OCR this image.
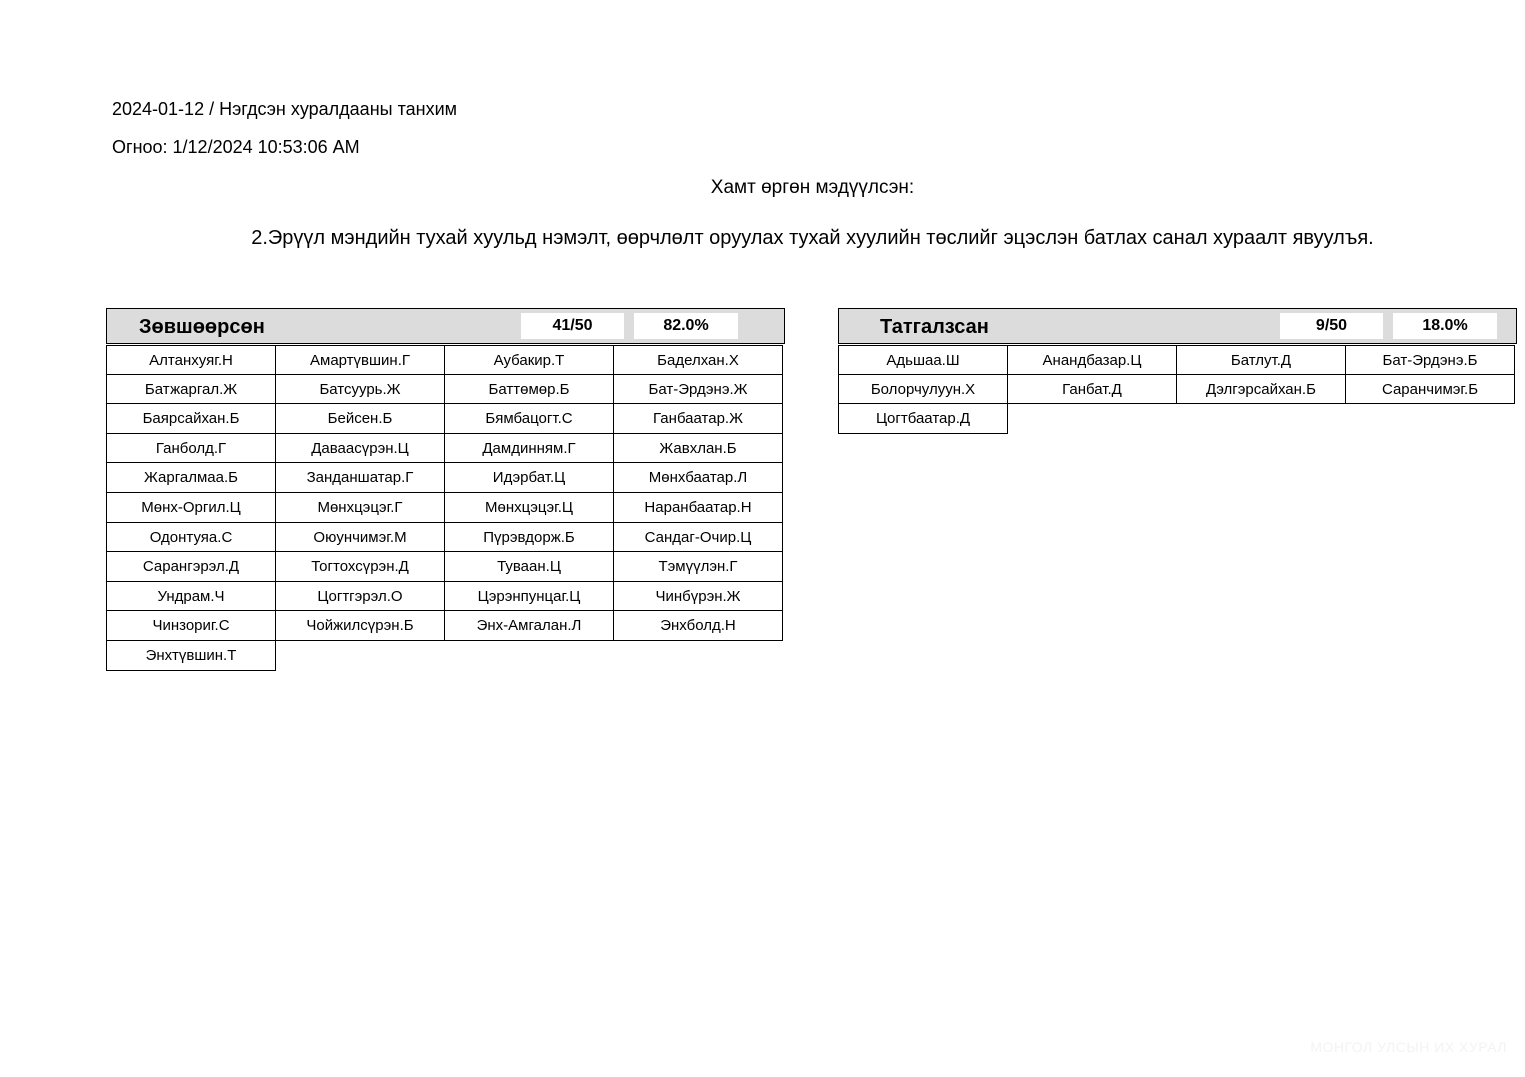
2024-01-12 / Нэгдсэн хуралдааны танхим
Огноо: 1/12/2024 10:53:06 AM
Хамт өргөн мэдүүлсэн:
2.Эрүүл мэндийн тухай хуульд нэмэлт, өөрчлөлт оруулах тухай хуулийн төслийг эцэслэн батлах санал хураалт явуулъя.
Зөвшөөрсөн	41/50	82.0%
Алтанхуяг.Н	Амартүвшин.Г	Аубакир.Т	Баделхан.Х
Батжаргал.Ж	Батсуурь.Ж	Баттөмөр.Б	Бат-Эрдэнэ.Ж
Баярсайхан.Б	Бейсен.Б	Бямбацогт.С	Ганбаатар.Ж
Ганболд.Г	Даваасүрэн.Ц	Дамдинням.Г	Жавхлан.Б
Жаргалмаа.Б	Занданшатар.Г	Идэрбат.Ц	Мөнхбаатар.Л
Мөнх-Оргил.Ц	Мөнхцэцэг.Г	Мөнхцэцэг.Ц	Наранбаатар.Н
Одонтуяа.С	Оюунчимэг.М	Пүрэвдорж.Б	Сандаг-Очир.Ц
Сарангэрэл.Д	Тогтохсүрэн.Д	Туваан.Ц	Тэмүүлэн.Г
Ундрам.Ч	Цогтгэрэл.О	Цэрэнпунцаг.Ц	Чинбүрэн.Ж
Чинзориг.С	Чойжилсүрэн.Б	Энх-Амгалан.Л	Энхболд.Н
Энхтүвшин.Т
Татгалзсан	9/50	18.0%
Адьшаа.Ш	Анандбазар.Ц	Батлут.Д	Бат-Эрдэнэ.Б
Болорчулуун.Х	Ганбат.Д	Дэлгэрсайхан.Б	Саранчимэг.Б
Цогтбаатар.Д
МОНГОЛ УЛСЫН ИХ ХУРАЛ
